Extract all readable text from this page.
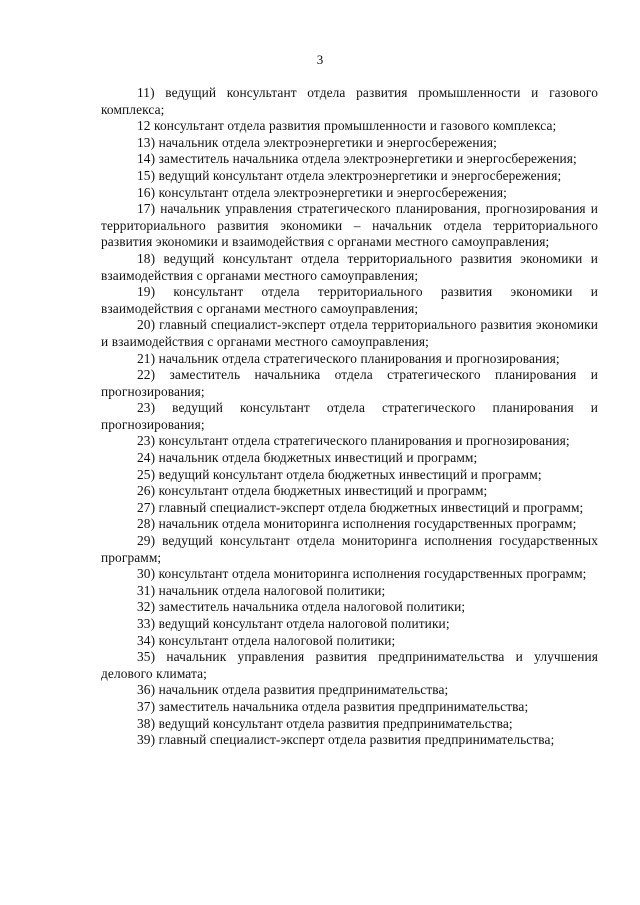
3

11) ведущий консультант отдела развития промышленности и газового комплекса;

12 консультант отдела развития промышленности и газового комплекса;

13) начальник отдела электроэнергетики и энергосбережения;

14) заместитель начальника отдела электроэнергетики и энергосбережения;

15) ведущий консультант отдела электроэнергетики и энергосбережения;

16) консультант отдела электроэнергетики и энергосбережения;

17) начальник управления стратегического планирования, прогнозирования и территориального развития экономики – начальник отдела территориального развития экономики и взаимодействия с органами местного самоуправления;

18) ведущий консультант отдела территориального развития экономики и взаимодействия с органами местного самоуправления;

19) консультант отдела территориального развития экономики и взаимодействия с органами местного самоуправления;

20) главный специалист-эксперт отдела территориального развития экономики и взаимодействия с органами местного самоуправления;

21) начальник отдела стратегического планирования и прогнозирования;

22) заместитель начальника отдела стратегического планирования и прогнозирования;

23) ведущий консультант отдела стратегического планирования и прогнозирования;

23) консультант отдела стратегического планирования и прогнозирования;

24) начальник отдела бюджетных инвестиций и программ;

25) ведущий консультант отдела бюджетных инвестиций и программ;

26) консультант отдела бюджетных инвестиций и программ;

27) главный специалист-эксперт отдела бюджетных инвестиций и программ;

28) начальник отдела мониторинга исполнения государственных программ;

29) ведущий консультант отдела мониторинга исполнения государственных программ;

30) консультант отдела мониторинга исполнения государственных программ;

31) начальник отдела налоговой политики;

32) заместитель начальника отдела налоговой политики;

33) ведущий консультант отдела налоговой политики;

34) консультант отдела налоговой политики;

35) начальник управления развития предпринимательства и улучшения делового климата;

36) начальник отдела развития предпринимательства;

37) заместитель начальника отдела развития предпринимательства;

38) ведущий консультант отдела развития предпринимательства;

39) главный специалист-эксперт отдела развития предпринимательства;
